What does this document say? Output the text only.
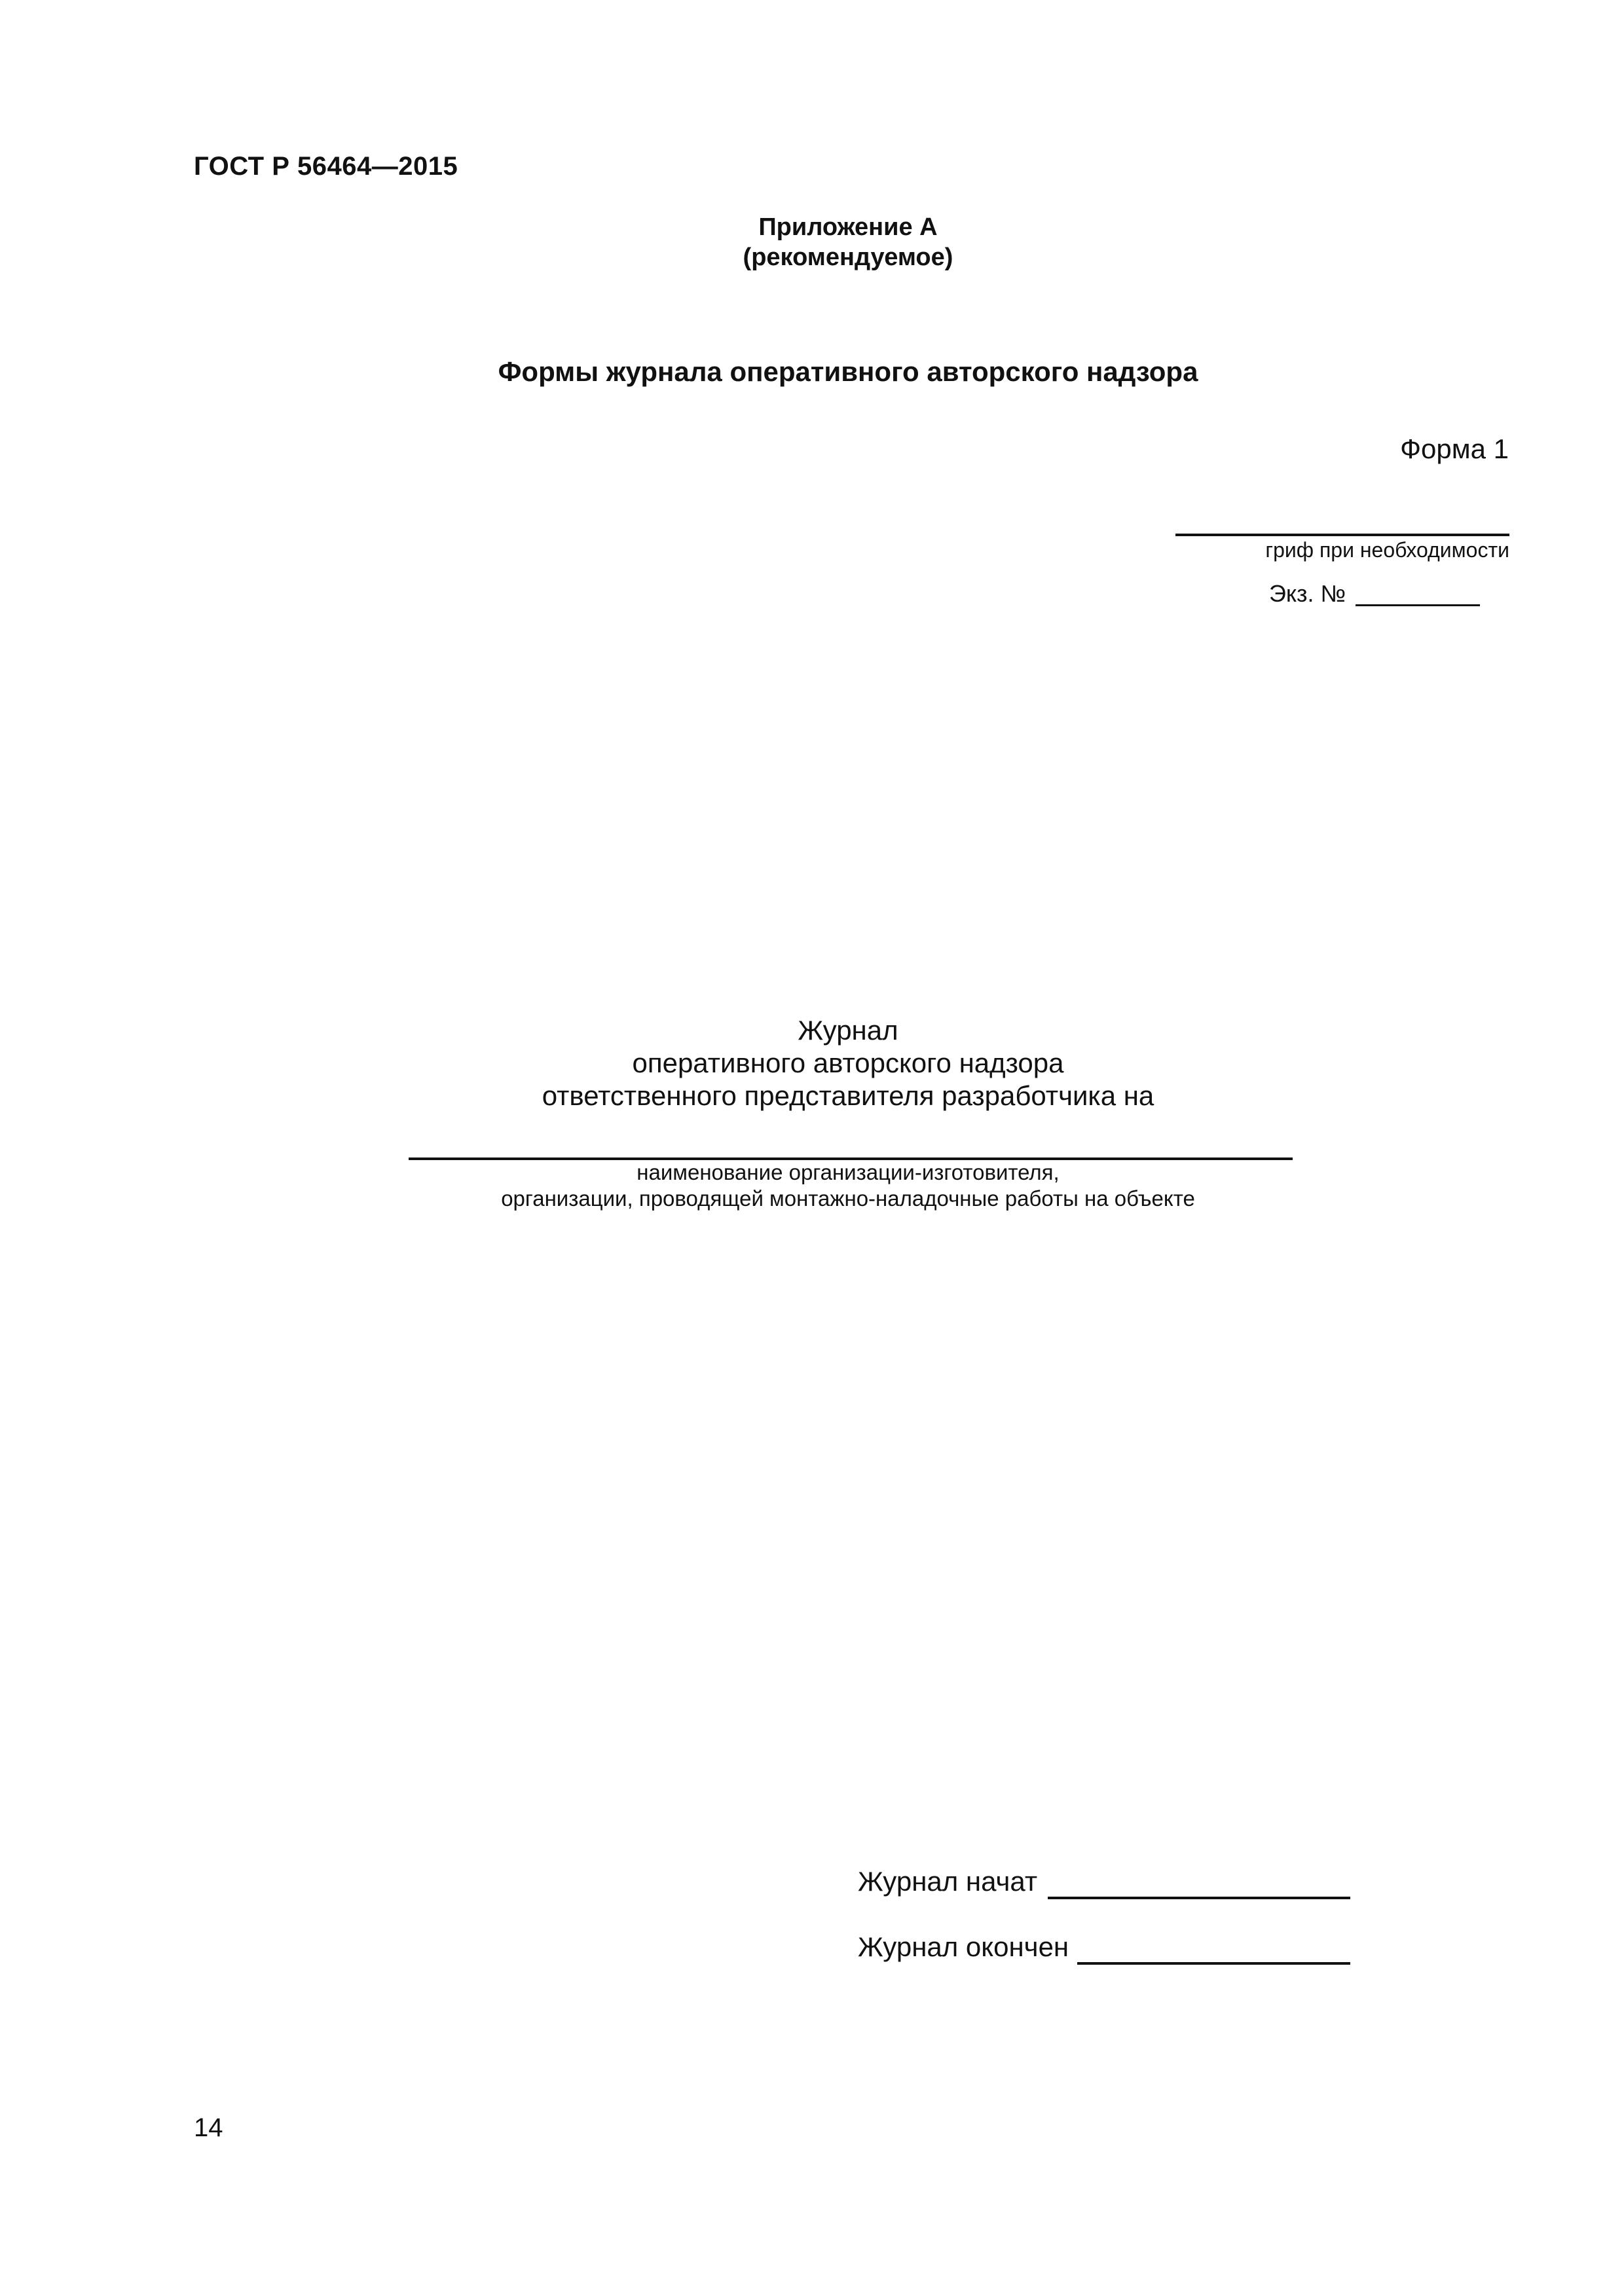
ГОСТ Р 56464—2015
Приложение А
(рекомендуемое)
Формы журнала оперативного авторского надзора
Форма 1
гриф при необходимости
Экз. №
Журнал
оперативного авторского надзора
ответственного представителя разработчика на
наименование организации-изготовителя,
организации, проводящей монтажно-наладочные работы на объекте
Журнал начат
Журнал окончен
14
